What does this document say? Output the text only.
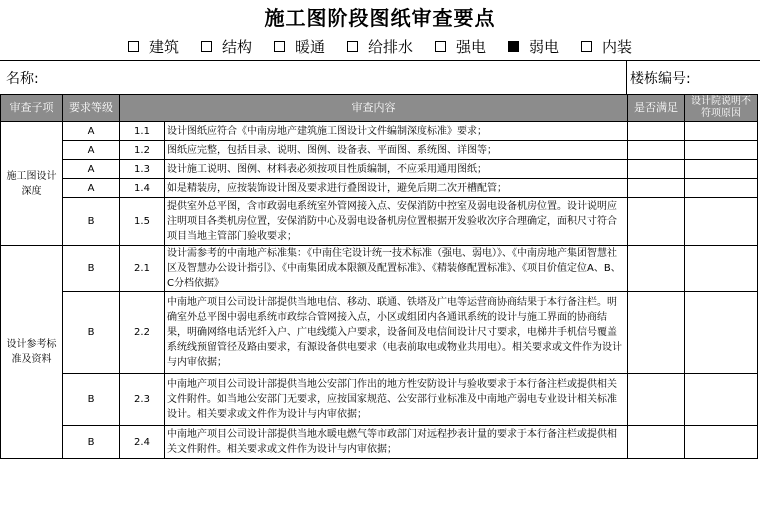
施工图阶段图纸审查要点
建筑	结构	暖通	给排水	强电	弱电	内装
名称:	楼栋编号:
审查子项	要求等级	审查内容		是否满足	设计院说明不符项原因
施工图设计深度	A	1.1	设计图纸应符合《中南房地产建筑施工图设计文件编制深度标准》要求；		
	A	1.2	图纸应完整，包括目录、说明、图例、设备表、平面图、系统图、详图等；		
	A	1.3	设计施工说明、图例、材料表必须按项目性质编制，不应采用通用图纸；		
	A	1.4	如是精装房，应按装饰设计图及要求进行叠图设计，避免后期二次开槽配管；		
	B	1.5	提供室外总平图，含市政弱电系统室外管网接入点、安保消防中控室及弱电设备机房位置。设计说明应注明项目各类机房位置，安保消防中心及弱电设备机房位置根据开发验收次序合理确定，面积尺寸符合项目当地主管部门验收要求；		
设计参考标准及资料	B	2.1	设计需参考的中南地产标准集：《中南住宅设计统一技术标准（强电、弱电）》、《中南房地产集团智慧社区及智慧办公设计指引》、《中南集团成本限额及配置标准》、《精装修配置标准》、《项目价值定位A、B、C分档依据》		
	B	2.2	中南地产项目公司设计部提供当地电信、移动、联通、铁塔及广电等运营商协商结果于本行备注栏。明确室外总平图中弱电系统市政综合管网接入点，小区或组团内各通讯系统的设计与施工界面的协商结果，明确网络电话光纤入户、广电线缆入户要求，设备间及电信间设计尺寸要求，电梯井手机信号覆盖系统线预留管径及路由要求，有源设备供电要求（电表前取电或物业共用电）。相关要求或文件作为设计与内审依据；		
	B	2.3	中南地产项目公司设计部提供当地公安部门作出的地方性安防设计与验收要求于本行备注栏或提供相关文件附件。如当地公安部门无要求，应按国家规范、公安部行业标准及中南地产弱电专业设计相关标准设计。相关要求或文件作为设计与内审依据；		
	B	2.4	中南地产项目公司设计部提供当地水暖电燃气等市政部门对远程抄表计量的要求于本行备注栏或提供相关文件附件。相关要求或文件作为设计与内审依据；		
